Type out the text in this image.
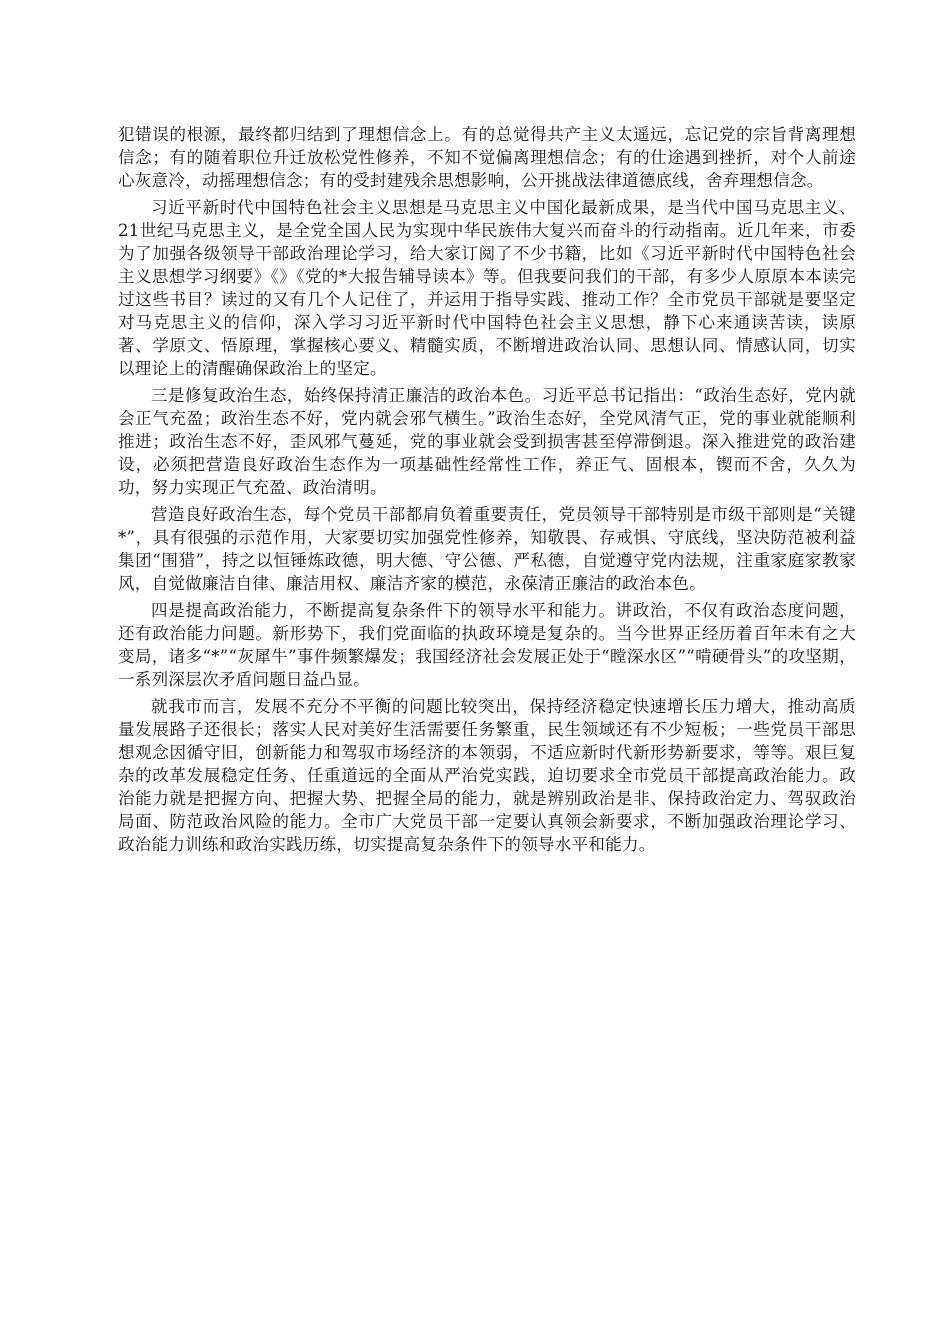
犯错误的根源，最终都归结到了理想信念上。有的总觉得共产主义太遥远，忘记党的宗旨背离理想信念；有的随着职位升迁放松党性修养，不知不觉偏离理想信念；有的仕途遇到挫折，对个人前途心灰意冷，动摇理想信念；有的受封建残余思想影响，公开挑战法律道德底线，舍弃理想信念。

习近平新时代中国特色社会主义思想是马克思主义中国化最新成果，是当代中国马克思主义、21世纪马克思主义，是全党全国人民为实现中华民族伟大复兴而奋斗的行动指南。近几年来，市委为了加强各级领导干部政治理论学习，给大家订阅了不少书籍，比如《习近平新时代中国特色社会主义思想学习纲要》《》《党的*大报告辅导读本》等。但我要问我们的干部，有多少人原原本本读完过这些书目？读过的又有几个人记住了，并运用于指导实践、推动工作？全市党员干部就是要坚定对马克思主义的信仰，深入学习习近平新时代中国特色社会主义思想，静下心来通读苦读，读原著、学原文、悟原理，掌握核心要义、精髓实质，不断增进政治认同、思想认同、情感认同，切实以理论上的清醒确保政治上的坚定。

三是修复政治生态，始终保持清正廉洁的政治本色。习近平总书记指出：“政治生态好，党内就会正气充盈；政治生态不好，党内就会邪气横生。”政治生态好，全党风清气正，党的事业就能顺利推进；政治生态不好，歪风邪气蔓延，党的事业就会受到损害甚至停滞倒退。深入推进党的政治建设，必须把营造良好政治生态作为一项基础性经常性工作，养正气、固根本，锲而不舍，久久为功，努力实现正气充盈、政治清明。

营造良好政治生态，每个党员干部都肩负着重要责任，党员领导干部特别是市级干部则是“关键*”，具有很强的示范作用，大家要切实加强党性修养，知敬畏、存戒惧、守底线，坚决防范被利益集团“围猎”，持之以恒锤炼政德，明大德、守公德、严私德，自觉遵守党内法规，注重家庭家教家风，自觉做廉洁自律、廉洁用权、廉洁齐家的模范，永葆清正廉洁的政治本色。

四是提高政治能力，不断提高复杂条件下的领导水平和能力。讲政治，不仅有政治态度问题，还有政治能力问题。新形势下，我们党面临的执政环境是复杂的。当今世界正经历着百年未有之大变局，诸多“*”“灰犀牛”事件频繁爆发；我国经济社会发展正处于“瞠深水区”“啃硬骨头”的攻坚期，一系列深层次矛盾问题日益凸显。

就我市而言，发展不充分不平衡的问题比较突出，保持经济稳定快速增长压力增大，推动高质量发展路子还很长；落实人民对美好生活需要任务繁重，民生领域还有不少短板；一些党员干部思想观念因循守旧，创新能力和驾驭市场经济的本领弱，不适应新时代新形势新要求，等等。艰巨复杂的改革发展稳定任务、任重道远的全面从严治党实践，迫切要求全市党员干部提高政治能力。政治能力就是把握方向、把握大势、把握全局的能力，就是辨别政治是非、保持政治定力、驾驭政治局面、防范政治风险的能力。全市广大党员干部一定要认真领会新要求，不断加强政治理论学习、政治能力训练和政治实践历练，切实提高复杂条件下的领导水平和能力。
